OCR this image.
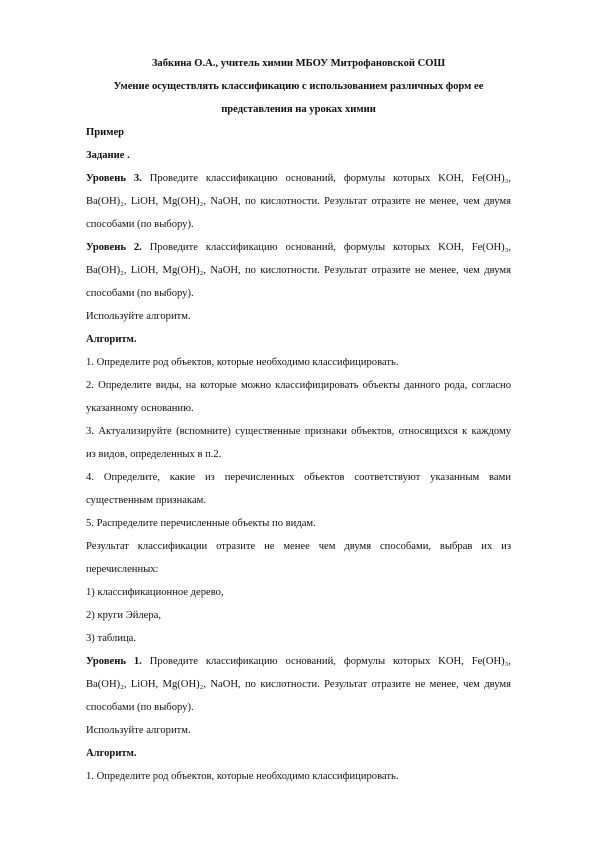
Забкина О.А., учитель химии МБОУ Митрофановской СОШ
Умение осуществлять классификацию с использованием различных форм ее
представления на уроках химии
Пример
Задание .
Уровень 3. Проведите классификацию оснований, формулы которых KOH, Fe(OH)₃,
Ba(OH)₂, LiOH, Mg(OH)₂, NaOH, по кислотности. Результат отразите не менее, чем двумя
способами (по выбору).
Уровень 2. Проведите классификацию оснований, формулы которых KOH, Fe(OH)₃,
Ba(OH)₂, LiOH, Mg(OH)₂, NaOH, по кислотности. Результат отразите не менее, чем двумя
способами (по выбору).
Используйте алгоритм.
Алгоритм.
1. Определите род объектов, которые необходимо классифицировать.
2. Определите виды, на которые можно классифицировать объекты данного рода, согласно
указанному основанию.
3. Актуализируйте (вспомните) существенные признаки объектов, относящихся к каждому
из видов, определенных в п.2.
4. Определите, какие из перечисленных объектов соответствуют указанным вами
существенным признакам.
5. Распределите перечисленные объекты по видам.
Результат классификации отразите не менее чем двумя способами, выбрав их из
перечисленных:
1) классификационное дерево,
2) круги Эйлера,
3) таблица.
Уровень 1. Проведите классификацию оснований, формулы которых KOH, Fe(OH)₃,
Ba(OH)₂, LiOH, Mg(OH)₂, NaOH, по кислотности. Результат отразите не менее, чем двумя
способами (по выбору).
Используйте алгоритм.
Алгоритм.
1. Определите род объектов, которые необходимо классифицировать.
